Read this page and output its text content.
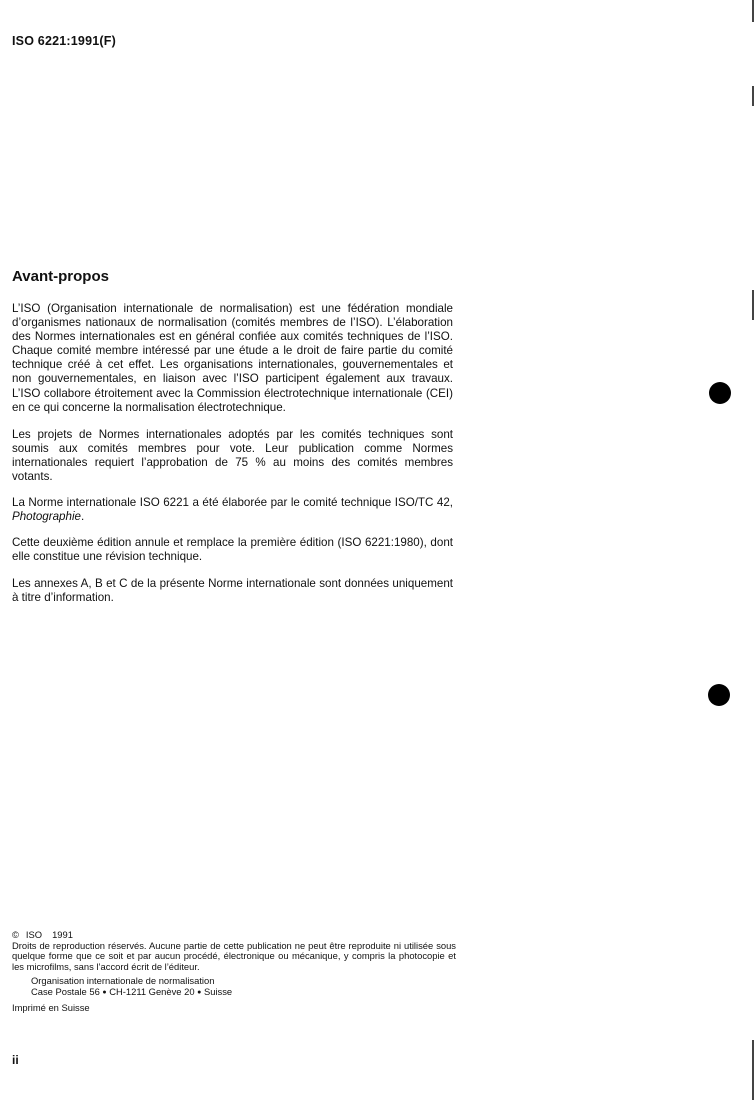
ISO 6221:1991(F)
Avant-propos

L’ISO (Organisation internationale de normalisation) est une fédération mondiale d’organismes nationaux de normalisation (comités membres de l’ISO). L’élaboration des Normes internationales est en général confiée aux comités techniques de l’ISO. Chaque comité membre intéressé par une étude a le droit de faire partie du comité technique créé à cet effet. Les organisations internationales, gouvernementales et non gouvernementales, en liaison avec l’ISO participent également aux travaux. L’ISO collabore étroitement avec la Commission électrotechnique internationale (CEI) en ce qui concerne la normalisation électrotechnique.

Les projets de Normes internationales adoptés par les comités techniques sont soumis aux comités membres pour vote. Leur publication comme Normes internationales requiert l’approbation de 75 % au moins des comités membres votants.

La Norme internationale ISO 6221 a été élaborée par le comité technique ISO/TC 42, Photographie.

Cette deuxième édition annule et remplace la première édition (ISO 6221:1980), dont elle constitue une révision technique.

Les annexes A, B et C de la présente Norme internationale sont données uniquement à titre d’information.

© ISO 1991

Droits de reproduction réservés. Aucune partie de cette publication ne peut être reproduite ni utilisée sous quelque forme que ce soit et par aucun procédé, électronique ou mécanique, y compris la photocopie et les microfilms, sans l’accord écrit de l’éditeur.

Organisation internationale de normalisation
Case Postale 56 ● CH-1211 Genève 20 ● Suisse
Imprimé en Suisse
ii
